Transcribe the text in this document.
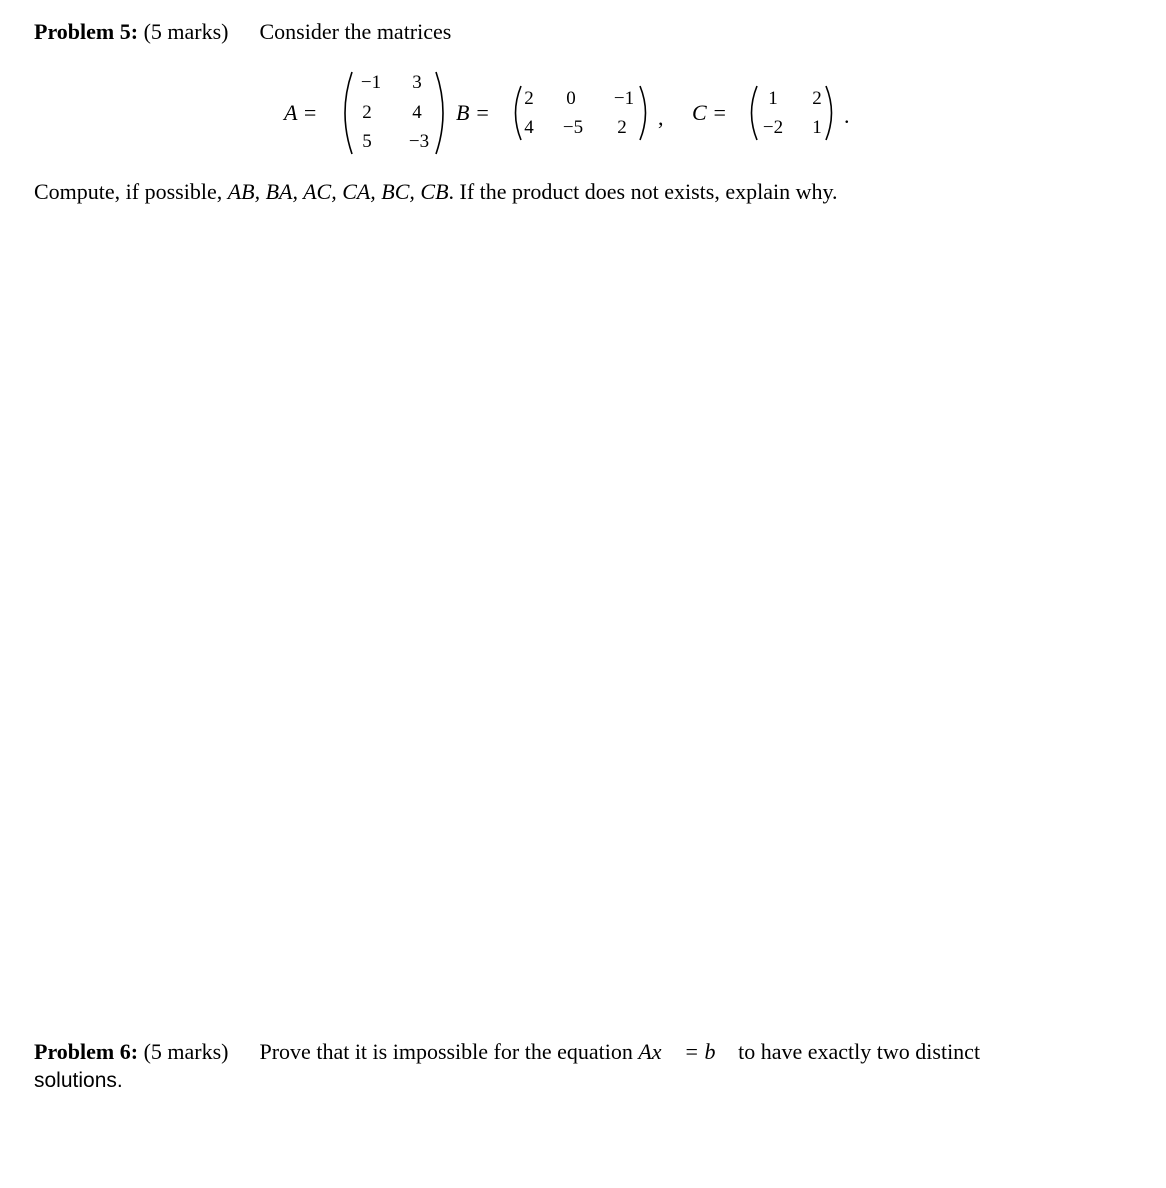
Problem 5: (5 marks) Consider the matrices
A =
−1	3
2	4
5	−3
B =
2	0	−1
4	−5	2	, C =
1	2
−2	1 .
Compute, if possible, AB, BA, AC, CA, BC, CB. If the product does not exists, explain why.
Problem 6: (5 marks) Prove that it is impossible for the equation Ax⃗ = b⃗ to have exactly two distinct
solutions.
